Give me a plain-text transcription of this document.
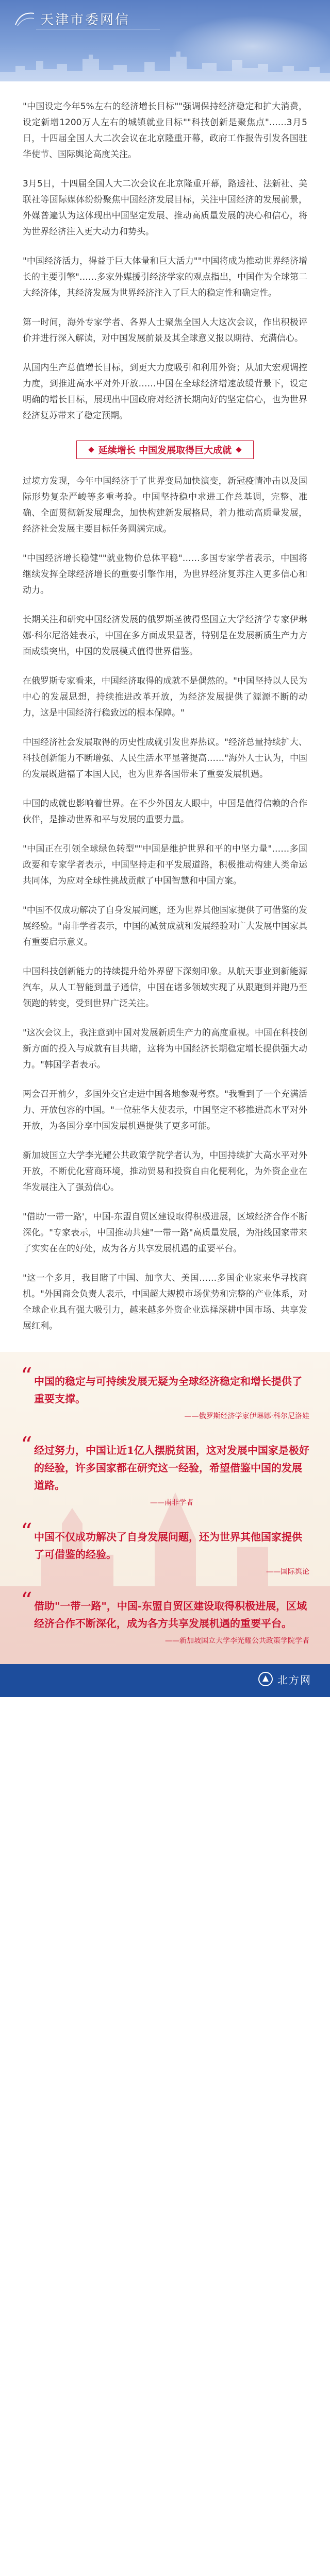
天津市委网信

"中国设定今年5%左右的经济增长目标""强调保持经济稳定和扩大消费，设定新增1200万人左右的城镇就业目标""科技创新是聚焦点"……3月5日，十四届全国人大二次会议在北京隆重开幕，政府工作报告引发各国驻华使节、国际舆论高度关注。

3月5日，十四届全国人大二次会议在北京隆重开幕，路透社、法新社、美联社等国际媒体纷纷聚焦中国经济发展目标，关注中国经济的发展前景，外媒普遍认为这体现出中国坚定发展、推动高质量发展的决心和信心，将为世界经济注入更大动力和势头。

"中国经济活力，得益于巨大体量和巨大活力""中国将成为推动世界经济增长的主要引擎"……多家外媒援引经济学家的观点指出，中国作为全球第二大经济体，其经济发展为世界经济注入了巨大的稳定性和确定性。

第一时间，海外专家学者、各界人士聚焦全国人大这次会议，作出积极评价并进行深入解读，对中国发展前景及其全球意义报以期待、充满信心。

从国内生产总值增长目标，到更大力度吸引和利用外资；从加大宏观调控力度，到推进高水平对外开放……中国在全球经济增速放缓背景下，设定明确的增长目标，展现出中国政府对经济长期向好的坚定信心，也为世界经济复苏带来了稳定预期。

延续增长 中国发展取得巨大成就

过境方发现，今年中国经济于了世界变局加快演变，新冠疫情冲击以及国际形势复杂严峻等多重考验。中国坚持稳中求进工作总基调，完整、准确、全面贯彻新发展理念，加快构建新发展格局，着力推动高质量发展，经济社会发展主要目标任务圆满完成。

"中国经济增长稳健""就业物价总体平稳"……多国专家学者表示，中国将继续发挥全球经济增长的重要引擎作用，为世界经济复苏注入更多信心和动力。

长期关注和研究中国经济发展的俄罗斯圣彼得堡国立大学经济学专家伊琳娜·科尔尼洛娃表示，中国在多方面成果显著，特别是在发展新质生产力方面成绩突出，中国的发展模式值得世界借鉴。

在俄罗斯专家看来，中国经济取得的成就不是偶然的。"中国坚持以人民为中心的发展思想，持续推进改革开放，为经济发展提供了源源不断的动力，这是中国经济行稳致远的根本保障。"

中国经济社会发展取得的历史性成就引发世界热议。"经济总量持续扩大、科技创新能力不断增强、人民生活水平显著提高……"海外人士认为，中国的发展既造福了本国人民，也为世界各国带来了重要发展机遇。

中国的成就也影响着世界。在不少外国友人眼中，中国是值得信赖的合作伙伴，是推动世界和平与发展的重要力量。

"中国正在引领全球绿色转型""中国是维护世界和平的中坚力量"……多国政要和专家学者表示，中国坚持走和平发展道路，积极推动构建人类命运共同体，为应对全球性挑战贡献了中国智慧和中国方案。

"中国不仅成功解决了自身发展问题，还为世界其他国家提供了可借鉴的发展经验。"南非学者表示，中国的减贫成就和发展经验对广大发展中国家具有重要启示意义。

中国科技创新能力的持续提升给外界留下深刻印象。从航天事业到新能源汽车，从人工智能到量子通信，中国在诸多领域实现了从跟跑到并跑乃至领跑的转变，受到世界广泛关注。

"这次会议上，我注意到中国对发展新质生产力的高度重视。中国在科技创新方面的投入与成就有目共睹，这将为中国经济长期稳定增长提供强大动力。"韩国学者表示。

两会召开前夕，多国外交官走进中国各地参观考察。"我看到了一个充满活力、开放包容的中国。"一位驻华大使表示，中国坚定不移推进高水平对外开放，为各国分享中国发展机遇提供了更多可能。

新加坡国立大学李光耀公共政策学院学者认为，中国持续扩大高水平对外开放，不断优化营商环境，推动贸易和投资自由化便利化，为外资企业在华发展注入了强劲信心。

"借助'一带一路'，中国-东盟自贸区建设取得积极进展，区域经济合作不断深化。"专家表示，中国推动共建"一带一路"高质量发展，为沿线国家带来了实实在在的好处，成为各方共享发展机遇的重要平台。

"这一个多月，我目睹了中国、加拿大、美国……多国企业家来华寻找商机。"外国商会负责人表示，中国超大规模市场优势和完整的产业体系，对全球企业具有强大吸引力，越来越多外资企业选择深耕中国市场、共享发展红利。

“ 中国的稳定与可持续发展无疑为全球经济稳定和增长提供了重要支撑。
——俄罗斯经济学家伊琳娜·科尔尼洛娃
“ 经过努力，中国让近1亿人摆脱贫困，这对发展中国家是极好的经验，许多国家都在研究这一经验，希望借鉴中国的发展道路。
——南非学者
“ 中国不仅成功解决了自身发展问题，还为世界其他国家提供了可借鉴的经验。
——国际舆论
“ 借助"一带一路"，中国-东盟自贸区建设取得积极进展，区域经济合作不断深化，成为各方共享发展机遇的重要平台。
——新加坡国立大学李光耀公共政策学院学者
北方网
